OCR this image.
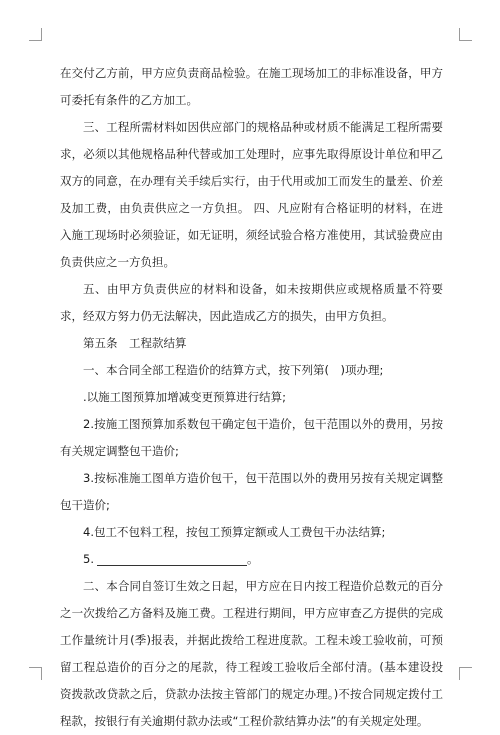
在交付乙方前，甲方应负责商品检验。在施工现场加工的非标准设备，甲方可委托有条件的乙方加工。

三、工程所需材料如因供应部门的规格品种或材质不能满足工程所需要求，必须以其他规格品种代替或加工处理时，应事先取得原设计单位和甲乙双方的同意，在办理有关手续后实行，由于代用或加工而发生的量差、价差及加工费，由负责供应之一方负担。 四、凡应附有合格证明的材料，在进入施工现场时必须验证，如无证明，须经试验合格方准使用，其试验费应由负责供应之一方负担。

五、由甲方负责供应的材料和设备，如未按期供应或规格质量不符要求，经双方努力仍无法解决，因此造成乙方的损失，由甲方负担。

第五条　工程款结算

一、本合同全部工程造价的结算方式，按下列第(　)项办理;

.以施工图预算加增减变更预算进行结算;

2.按施工图预算加系数包干确定包干造价，包干范围以外的费用，另按有关规定调整包干造价;

3.按标准施工图单方造价包干，包干范围以外的费用另按有关规定调整包干造价;

4.包工不包料工程，按包工预算定额或人工费包干办法结算;

5.	。

二、本合同自签订生效之日起，甲方应在日内按工程造价总数元的百分之一次拨给乙方备料及施工费。工程进行期间，甲方应审查乙方提供的完成工作量统计月(季)报表，并据此拨给工程进度款。工程未竣工验收前，可预留工程总造价的百分之的尾款，待工程竣工验收后全部付清。(基本建设投资拨款改贷款之后，贷款办法按主管部门的规定办理。)不按合同规定拨付工程款，按银行有关逾期付款办法或“工程价款结算办法”的有关规定处理。
